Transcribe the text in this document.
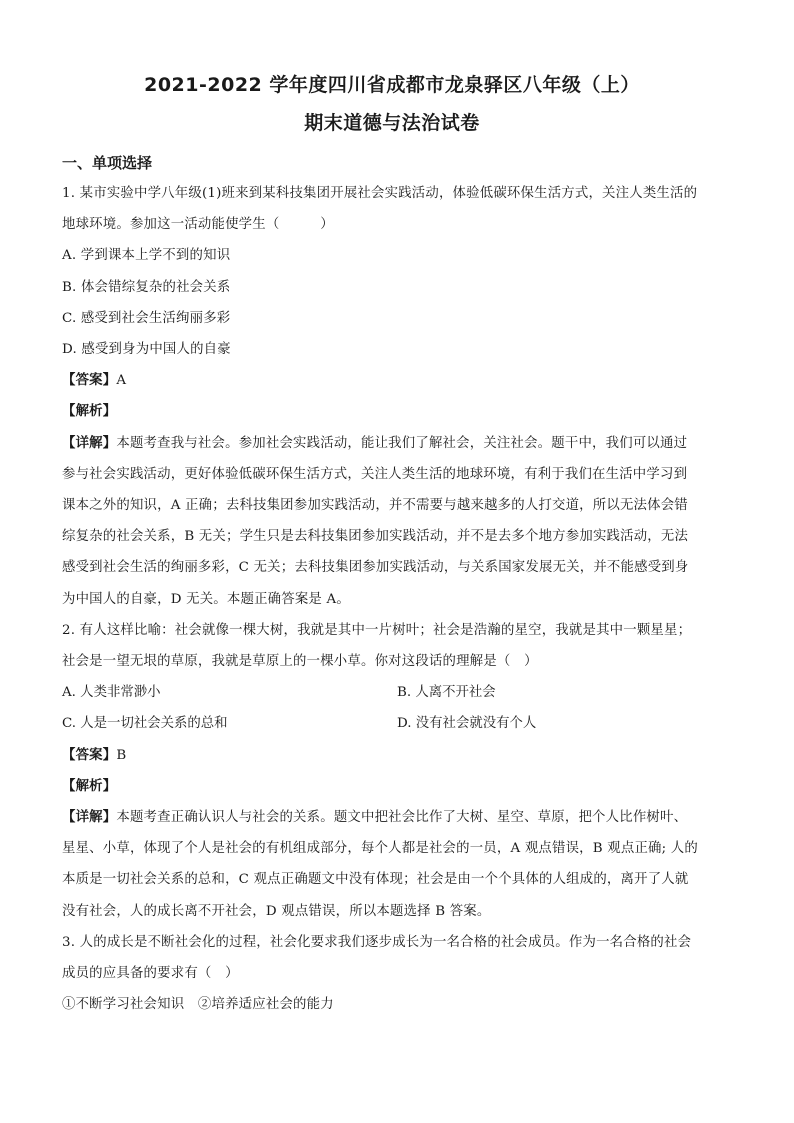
2021-2022 学年度四川省成都市龙泉驿区八年级（上）
期末道德与法治试卷
一、单项选择
1. 某市实验中学八年级(1)班来到某科技集团开展社会实践活动，体验低碳环保生活方式，关注人类生活的
地球环境。参加这一活动能使学生（　　　）
A. 学到课本上学不到的知识
B. 体会错综复杂的社会关系
C. 感受到社会生活绚丽多彩
D. 感受到身为中国人的自豪
【答案】A
【解析】
【详解】本题考查我与社会。参加社会实践活动，能让我们了解社会，关注社会。题干中，我们可以通过
参与社会实践活动，更好体验低碳环保生活方式，关注人类生活的地球环境，有利于我们在生活中学习到
课本之外的知识，A 正确；去科技集团参加实践活动，并不需要与越来越多的人打交道，所以无法体会错
综复杂的社会关系，B 无关；学生只是去科技集团参加实践活动，并不是去多个地方参加实践活动，无法
感受到社会生活的绚丽多彩，C 无关；去科技集团参加实践活动，与关系国家发展无关，并不能感受到身
为中国人的自豪，D 无关。本题正确答案是 A。
2. 有人这样比喻：社会就像一棵大树，我就是其中一片树叶；社会是浩瀚的星空，我就是其中一颗星星；
社会是一望无垠的草原，我就是草原上的一棵小草。你对这段话的理解是（　）
A. 人类非常渺小	B. 人离不开社会
C. 人是一切社会关系的总和	D. 没有社会就没有个人
【答案】B
【解析】
【详解】本题考查正确认识人与社会的关系。题文中把社会比作了大树、星空、草原，把个人比作树叶、
星星、小草，体现了个人是社会的有机组成部分，每个人都是社会的一员，A 观点错误，B 观点正确; 人的
本质是一切社会关系的总和，C 观点正确题文中没有体现；社会是由一个个具体的人组成的，离开了人就
没有社会，人的成长离不开社会，D 观点错误，所以本题选择 B 答案。
3. 人的成长是不断社会化的过程，社会化要求我们逐步成长为一名合格的社会成员。作为一名合格的社会
成员的应具备的要求有（　）
①不断学习社会知识　②培养适应社会的能力
